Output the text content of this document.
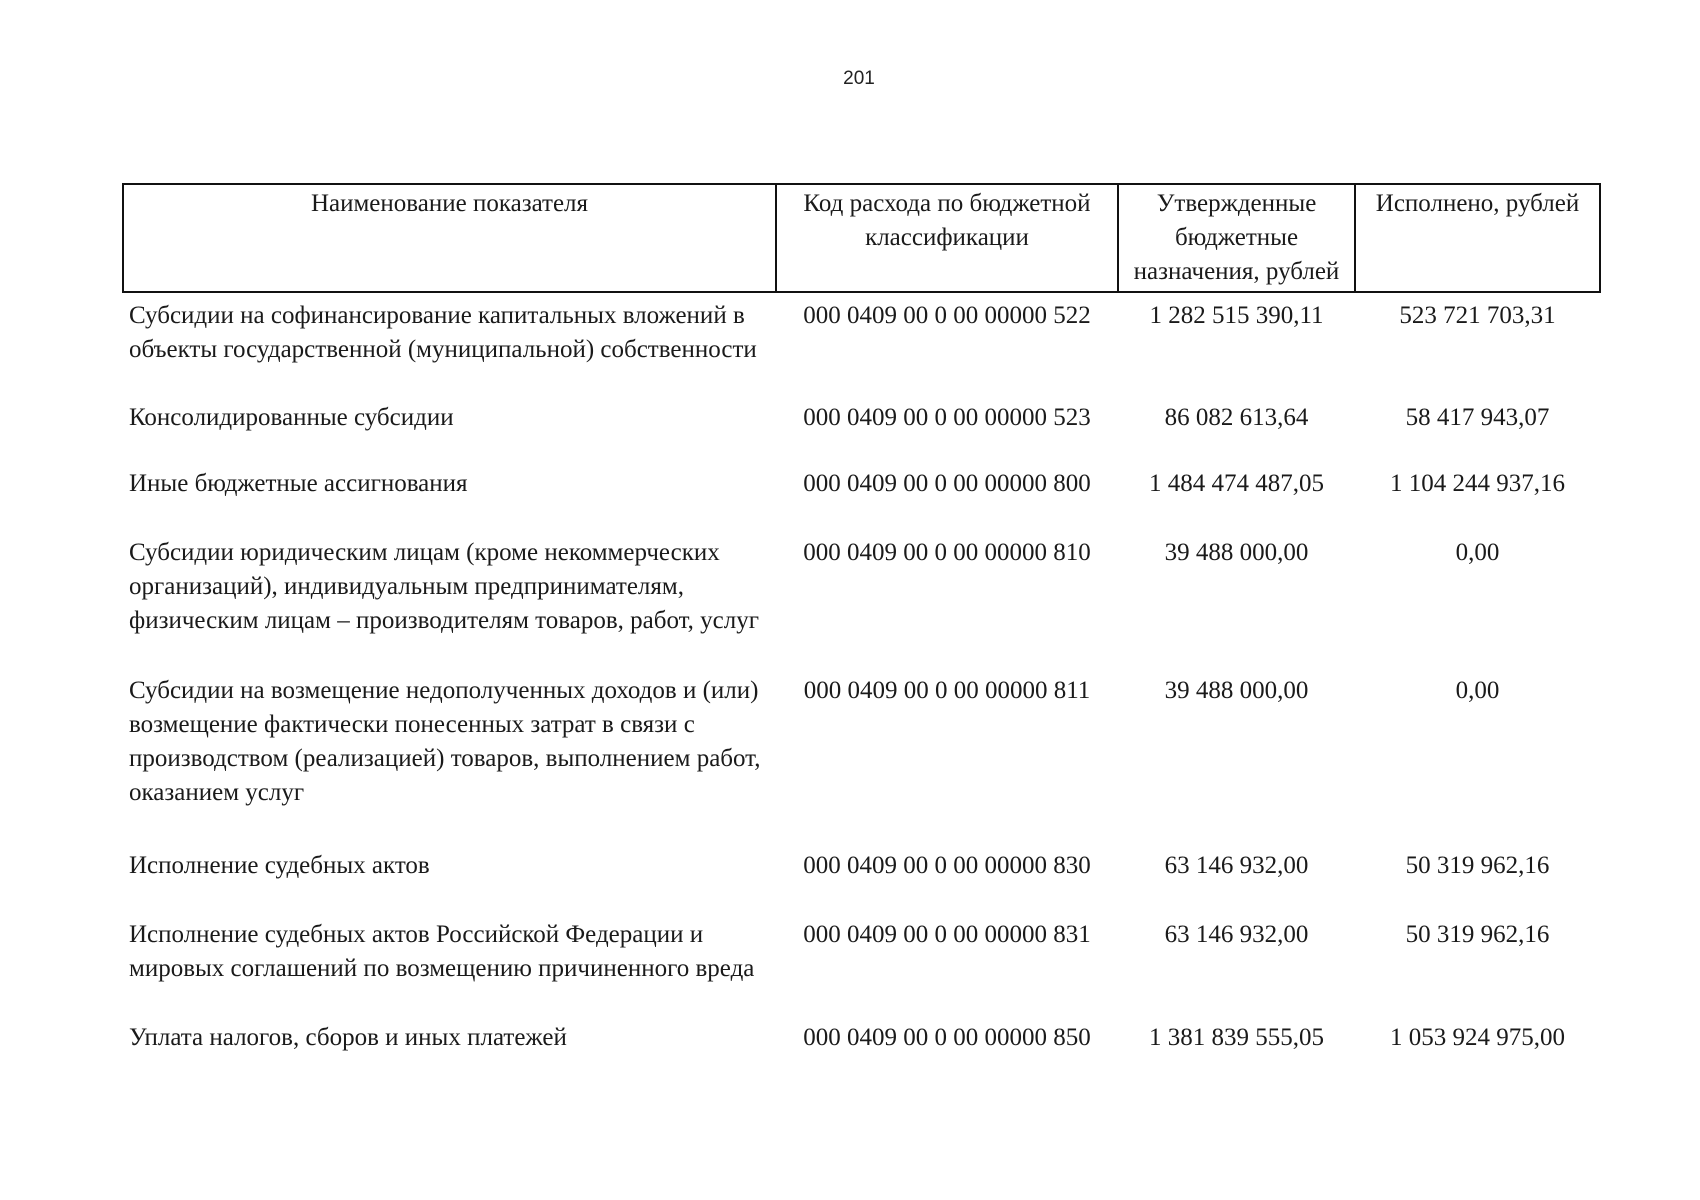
201
Наименование показателя	Код расхода по бюджетной классификации	Утвержденные бюджетные назначения, рублей	Исполнено, рублей
Субсидии на софинансирование капитальных вложений в объекты государственной (муниципальной) собственности	000 0409 00 0 00 00000 522	1 282 515 390,11	523 721 703,31
Консолидированные субсидии	000 0409 00 0 00 00000 523	86 082 613,64	58 417 943,07
Иные бюджетные ассигнования	000 0409 00 0 00 00000 800	1 484 474 487,05	1 104 244 937,16
Субсидии юридическим лицам (кроме некоммерческих организаций), индивидуальным предпринимателям, физическим лицам – производителям товаров, работ, услуг	000 0409 00 0 00 00000 810	39 488 000,00	0,00
Субсидии на возмещение недополученных доходов и (или) возмещение фактически понесенных затрат в связи с производством (реализацией) товаров, выполнением работ, оказанием услуг	000 0409 00 0 00 00000 811	39 488 000,00	0,00
Исполнение судебных актов	000 0409 00 0 00 00000 830	63 146 932,00	50 319 962,16
Исполнение судебных актов Российской Федерации и мировых соглашений по возмещению причиненного вреда	000 0409 00 0 00 00000 831	63 146 932,00	50 319 962,16
Уплата налогов, сборов и иных платежей	000 0409 00 0 00 00000 850	1 381 839 555,05	1 053 924 975,00
